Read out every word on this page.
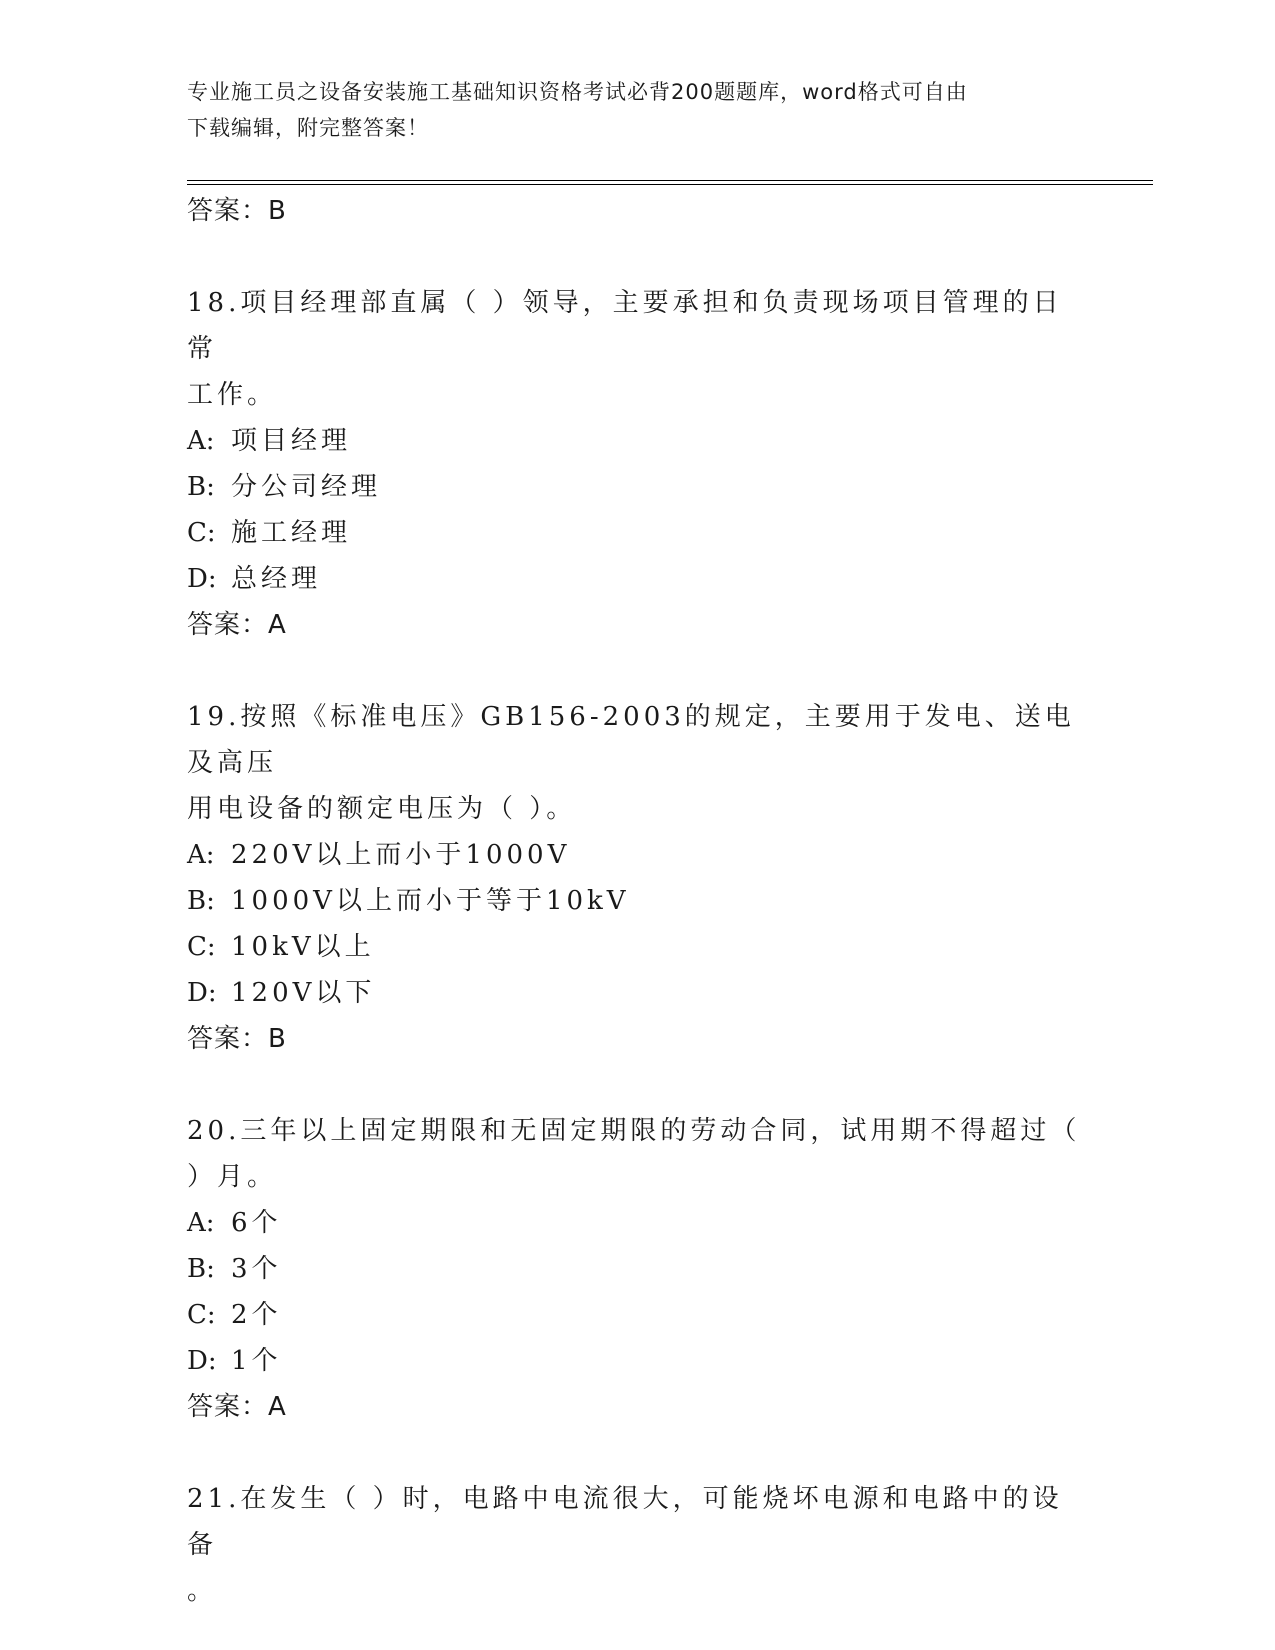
专业施工员之设备安装施工基础知识资格考试必背200题题库，word格式可自由
下载编辑，附完整答案！
答案：B
18.项目经理部直属（ ）领导，主要承担和负责现场项目管理的日常
工作。
A: 项目经理
B: 分公司经理
C: 施工经理
D: 总经理
答案：A
19.按照《标准电压》GB156-2003的规定，主要用于发电、送电及高压
用电设备的额定电压为（ ）。
A: 220V以上而小于1000V
B: 1000V以上而小于等于10kV
C: 10kV以上
D: 120V以下
答案：B
20.三年以上固定期限和无固定期限的劳动合同，试用期不得超过（
）月。
A: 6个
B: 3个
C: 2个
D: 1个
答案：A
21.在发生（ ）时，电路中电流很大，可能烧坏电源和电路中的设备
。
